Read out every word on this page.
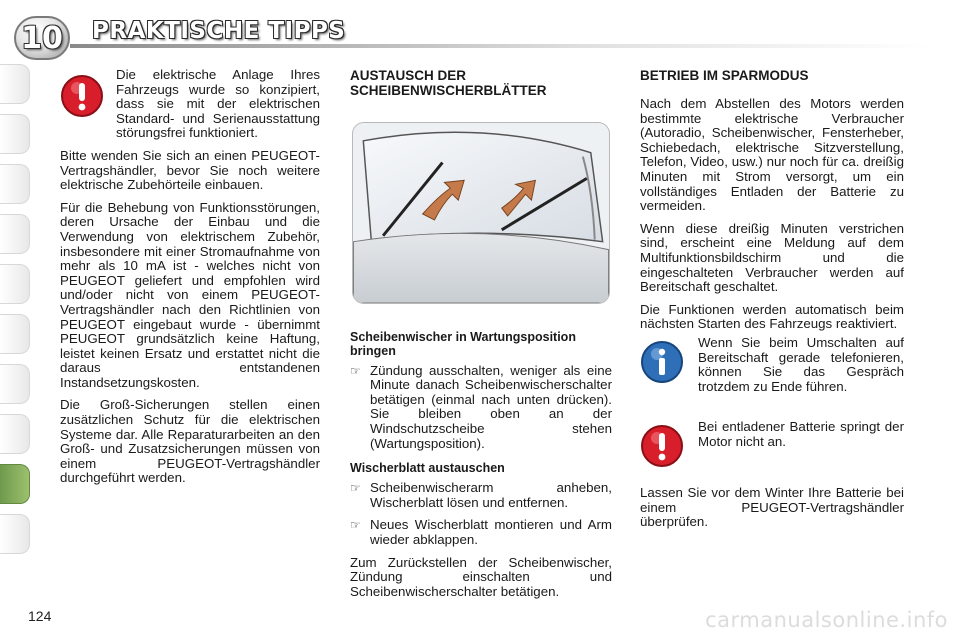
10	PRAKTISCHE TIPPS

Die elektrische Anlage Ihres Fahrzeugs wurde so konzipiert, dass sie mit der elektrischen Standard- und Serienausstattung störungsfrei funktioniert.

Bitte wenden Sie sich an einen PEUGEOT-Vertragshändler, bevor Sie noch weitere elektrische Zubehörteile einbauen.

Für die Behebung von Funktionsstörungen, deren Ursache der Einbau und die Verwendung von elektrischem Zubehör, insbesondere mit einer Stromaufnahme von mehr als 10 mA ist - welches nicht von PEUGEOT geliefert und empfohlen wird und/oder nicht von einem PEUGEOT-Vertragshändler nach den Richtlinien von PEUGEOT eingebaut wurde - übernimmt PEUGEOT grundsätzlich keine Haftung, leistet keinen Ersatz und erstattet nicht die daraus entstandenen Instandsetzungskosten.

Die Groß-Sicherungen stellen einen zusätzlichen Schutz für die elektrischen Systeme dar. Alle Reparaturarbeiten an den Groß- und Zusatzsicherungen müssen von einem PEUGEOT-Vertragshändler durchgeführt werden.

AUSTAUSCH DER SCHEIBENWISCHERBLÄTTER
Scheibenwischer in Wartungsposition bringen
☞ Zündung ausschalten, weniger als eine Minute danach Scheibenwischerschalter betätigen (einmal nach unten drücken). Sie bleiben oben an der Windschutzscheibe stehen (Wartungsposition).
Wischerblatt austauschen
☞ Scheibenwischerarm anheben, Wischerblatt lösen und entfernen.
☞ Neues Wischerblatt montieren und Arm wieder abklappen.

Zum Zurückstellen der Scheibenwischer, Zündung einschalten und Scheibenwischerschalter betätigen.

BETRIEB IM SPARMODUS

Nach dem Abstellen des Motors werden bestimmte elektrische Verbraucher (Autoradio, Scheibenwischer, Fensterheber, Schiebedach, elektrische Sitzverstellung, Telefon, Video, usw.) nur noch für ca. dreißig Minuten mit Strom versorgt, um ein vollständiges Entladen der Batterie zu vermeiden.

Wenn diese dreißig Minuten verstrichen sind, erscheint eine Meldung auf dem Multifunktionsbildschirm und die eingeschalteten Verbraucher werden auf Bereitschaft geschaltet.

Die Funktionen werden automatisch beim nächsten Starten des Fahrzeugs reaktiviert.

Wenn Sie beim Umschalten auf Bereitschaft gerade telefonieren, können Sie das Gespräch trotzdem zu Ende führen.
Bei entladener Batterie springt der Motor nicht an.

Lassen Sie vor dem Winter Ihre Batterie bei einem PEUGEOT-Vertragshändler überprüfen.

124	carmanualsonline.info
